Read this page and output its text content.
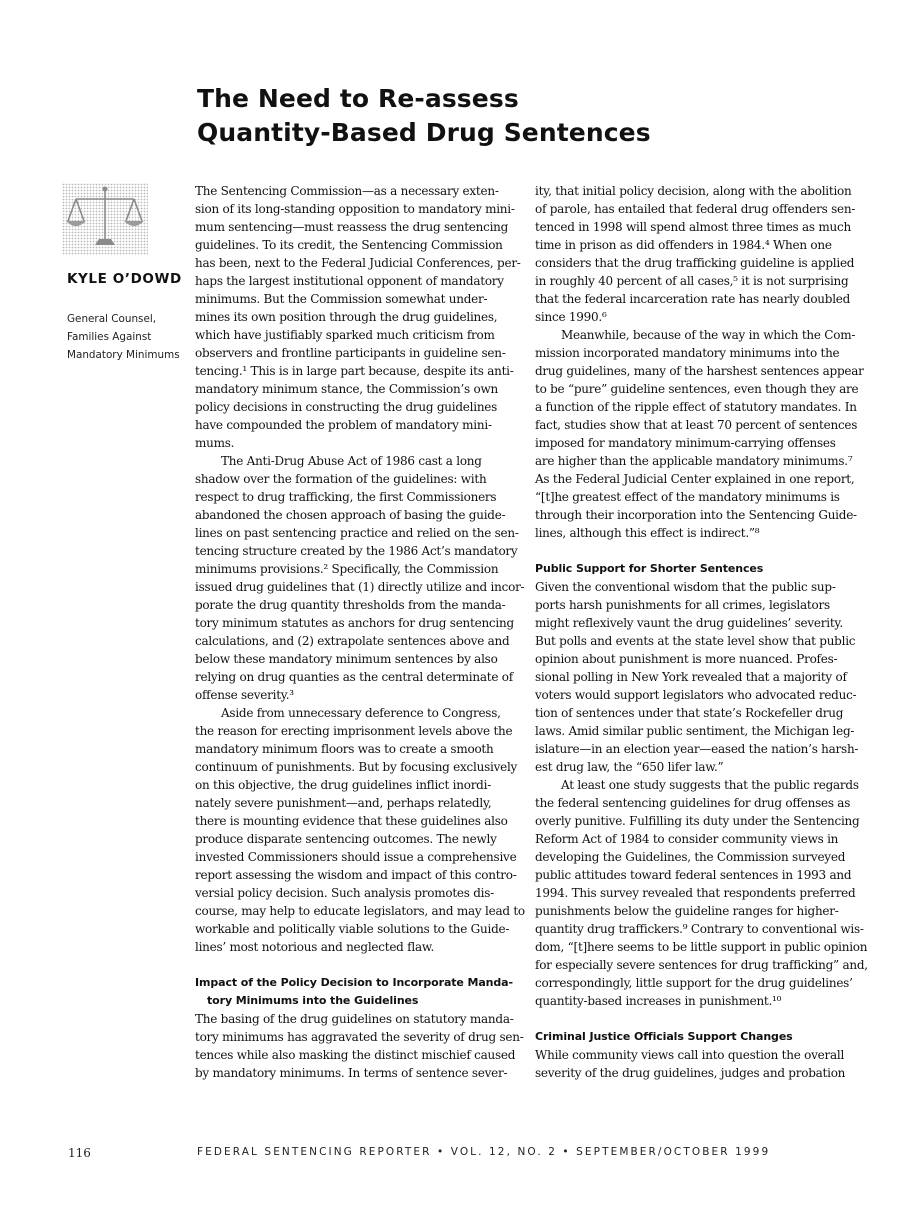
The Need to Re-assess
Quantity-Based Drug Sentences
KYLE O’DOWD
General Counsel,
Families Against
Mandatory Minimums
The Sentencing Commission—as a necessary exten-
sion of its long-standing opposition to mandatory mini-
mum sentencing—must reassess the drug sentencing
guidelines. To its credit, the Sentencing Commission
has been, next to the Federal Judicial Conferences, per-
haps the largest institutional opponent of mandatory
minimums. But the Commission somewhat under-
mines its own position through the drug guidelines,
which have justifiably sparked much criticism from
observers and frontline participants in guideline sen-
tencing.¹ This is in large part because, despite its anti-
mandatory minimum stance, the Commission’s own
policy decisions in constructing the drug guidelines
have compounded the problem of mandatory mini-
mums.
The Anti-Drug Abuse Act of 1986 cast a long
shadow over the formation of the guidelines: with
respect to drug trafficking, the first Commissioners
abandoned the chosen approach of basing the guide-
lines on past sentencing practice and relied on the sen-
tencing structure created by the 1986 Act’s mandatory
minimums provisions.² Specifically, the Commission
issued drug guidelines that (1) directly utilize and incor-
porate the drug quantity thresholds from the manda-
tory minimum statutes as anchors for drug sentencing
calculations, and (2) extrapolate sentences above and
below these mandatory minimum sentences by also
relying on drug quanties as the central determinate of
offense severity.³
Aside from unnecessary deference to Congress,
the reason for erecting imprisonment levels above the
mandatory minimum floors was to create a smooth
continuum of punishments. But by focusing exclusively
on this objective, the drug guidelines inflict inordi-
nately severe punishment—and, perhaps relatedly,
there is mounting evidence that these guidelines also
produce disparate sentencing outcomes. The newly
invested Commissioners should issue a comprehensive
report assessing the wisdom and impact of this contro-
versial policy decision. Such analysis promotes dis-
course, may help to educate legislators, and may lead to
workable and politically viable solutions to the Guide-
lines’ most notorious and neglected flaw.
Impact of the Policy Decision to Incorporate Manda-
tory Minimums into the Guidelines
The basing of the drug guidelines on statutory manda-
tory minimums has aggravated the severity of drug sen-
tences while also masking the distinct mischief caused
by mandatory minimums. In terms of sentence sever-
ity, that initial policy decision, along with the abolition
of parole, has entailed that federal drug offenders sen-
tenced in 1998 will spend almost three times as much
time in prison as did offenders in 1984.⁴ When one
considers that the drug trafficking guideline is applied
in roughly 40 percent of all cases,⁵ it is not surprising
that the federal incarceration rate has nearly doubled
since 1990.⁶
Meanwhile, because of the way in which the Com-
mission incorporated mandatory minimums into the
drug guidelines, many of the harshest sentences appear
to be “pure” guideline sentences, even though they are
a function of the ripple effect of statutory mandates. In
fact, studies show that at least 70 percent of sentences
imposed for mandatory minimum-carrying offenses
are higher than the applicable mandatory minimums.⁷
As the Federal Judicial Center explained in one report,
“[t]he greatest effect of the mandatory minimums is
through their incorporation into the Sentencing Guide-
lines, although this effect is indirect.”⁸
Public Support for Shorter Sentences
Given the conventional wisdom that the public sup-
ports harsh punishments for all crimes, legislators
might reflexively vaunt the drug guidelines’ severity.
But polls and events at the state level show that public
opinion about punishment is more nuanced. Profes-
sional polling in New York revealed that a majority of
voters would support legislators who advocated reduc-
tion of sentences under that state’s Rockefeller drug
laws. Amid similar public sentiment, the Michigan leg-
islature—in an election year—eased the nation’s harsh-
est drug law, the “650 lifer law.”
At least one study suggests that the public regards
the federal sentencing guidelines for drug offenses as
overly punitive. Fulfilling its duty under the Sentencing
Reform Act of 1984 to consider community views in
developing the Guidelines, the Commission surveyed
public attitudes toward federal sentences in 1993 and
1994. This survey revealed that respondents preferred
punishments below the guideline ranges for higher-
quantity drug traffickers.⁹ Contrary to conventional wis-
dom, “[t]here seems to be little support in public opinion
for especially severe sentences for drug trafficking” and,
correspondingly, little support for the drug guidelines’
quantity-based increases in punishment.¹⁰
Criminal Justice Officials Support Changes
While community views call into question the overall
severity of the drug guidelines, judges and probation
116	FEDERAL SENTENCING REPORTER • VOL. 12, NO. 2 • SEPTEMBER/OCTOBER 1999
